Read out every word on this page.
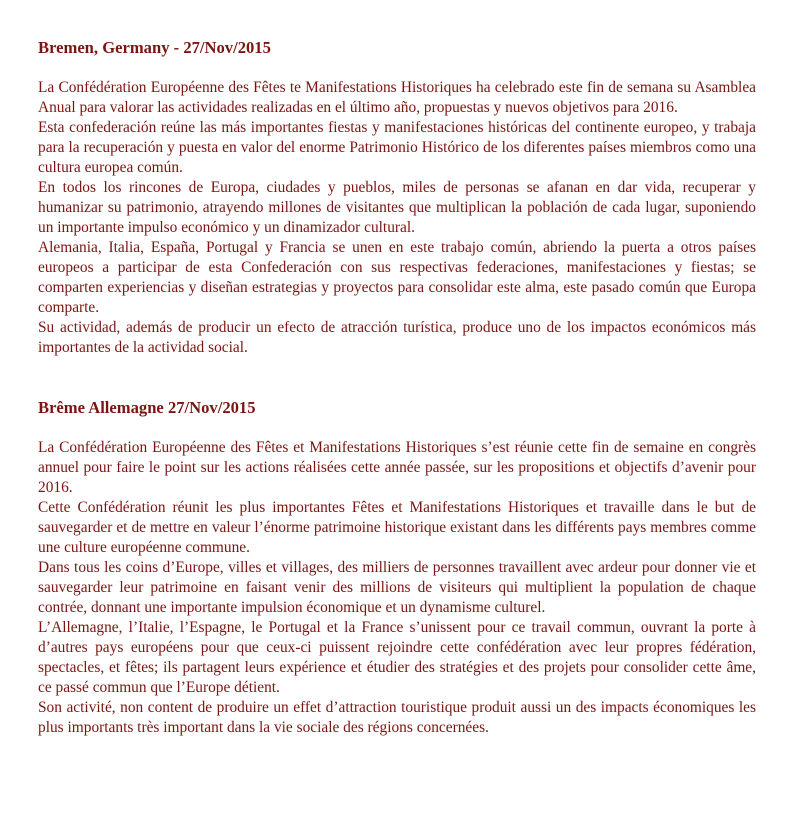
Bremen, Germany - 27/Nov/2015

La Confédération Européenne des Fêtes te Manifestations Historiques ha celebrado este fin de semana su Asamblea Anual para valorar las actividades realizadas en el último año, propuestas y nuevos objetivos para 2016.

Esta confederación reúne las más importantes fiestas y manifestaciones históricas del continente europeo, y trabaja para la recuperación y puesta en valor del enorme Patrimonio Histórico de los diferentes países miembros como una cultura europea común.

En todos los rincones de Europa, ciudades y pueblos, miles de personas se afanan en dar vida, recuperar y humanizar su patrimonio, atrayendo millones de visitantes que multiplican la población de cada lugar, suponiendo un importante impulso económico y un dinamizador cultural.

Alemania, Italia, España, Portugal y Francia se unen en este trabajo común, abriendo la puerta a otros países europeos a participar de esta Confederación con sus respectivas federaciones, manifestaciones y fiestas; se comparten experiencias y diseñan estrategias y proyectos para consolidar este alma, este pasado común que Europa comparte.

Su actividad, además de producir un efecto de atracción turística, produce uno de los impactos económicos más importantes de la actividad social.

Brême Allemagne 27/Nov/2015

La Confédération Européenne des Fêtes et Manifestations Historiques s’est réunie cette fin de semaine en congrès annuel pour faire le point sur les actions réalisées cette année passée, sur les propositions et objectifs d’avenir pour 2016.

Cette Confédération réunit les plus importantes Fêtes et Manifestations Historiques et travaille dans le but de sauvegarder et de mettre en valeur l’énorme patrimoine historique existant dans les différents pays membres comme une culture européenne commune.

Dans tous les coins d’Europe, villes et villages, des milliers de personnes travaillent avec ardeur pour donner vie et sauvegarder leur patrimoine en faisant venir des millions de visiteurs qui multiplient la population de chaque contrée, donnant une importante impulsion économique et un dynamisme culturel.

L’Allemagne, l’Italie, l’Espagne, le Portugal et la France s’unissent pour ce travail commun, ouvrant la porte à d’autres pays européens pour que ceux-ci puissent rejoindre cette confédération avec leur propres fédération, spectacles, et fêtes; ils partagent leurs expérience et étudier des stratégies et des projets pour consolider cette âme, ce passé commun que l’Europe détient.

Son activité, non content de produire un effet d’attraction touristique produit aussi un des impacts économiques les plus importants très important dans la vie sociale des régions concernées.
